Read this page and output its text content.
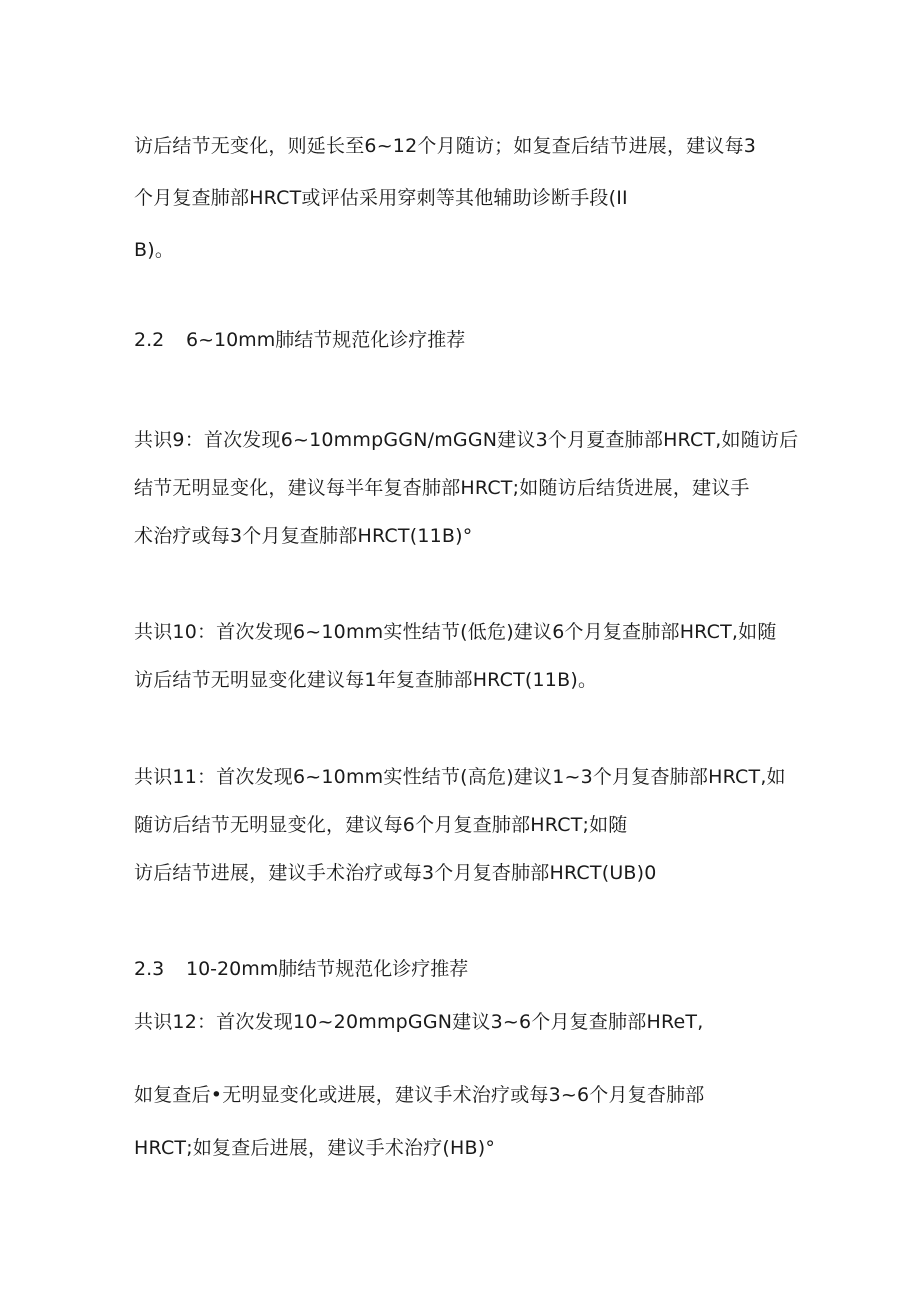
访后结节无变化，则延长至6~12个月随访；如复查后结节进展，建议每3
个月复查肺部HRCT或评估采用穿刺等其他辅助诊断手段(II
B)。
2.2 6~10mm肺结节规范化诊疗推荐
共识9：首次发现6~10mmpGGN/mGGN建议3个月夏查肺部HRCT,如随访后
结节无明显变化，建议每半年复杳肺部HRCT;如随访后结货进展，建议手
术治疗或每3个月复查肺部HRCT(11B)°
共识10：首次发现6~10mm实性结节(低危)建议6个月复查肺部HRCT,如随
访后结节无明显变化建议每1年复查肺部HRCT(11B)。
共识11：首次发现6~10mm实性结节(高危)建议1~3个月复杳肺部HRCT,如
随访后结节无明显变化，建议每6个月复查肺部HRCT;如随
访后结节进展，建议手术治疗或每3个月复杳肺部HRCT(UB)0
2.3 10-20mm肺结节规范化诊疗推荐
共识12：首次发现10~20mmpGGN建议3~6个月复查肺部HReT,
如复查后•无明显变化或进展，建议手术治疗或每3~6个月复杳肺部
HRCT;如复查后进展，建议手术治疗(HB)°
